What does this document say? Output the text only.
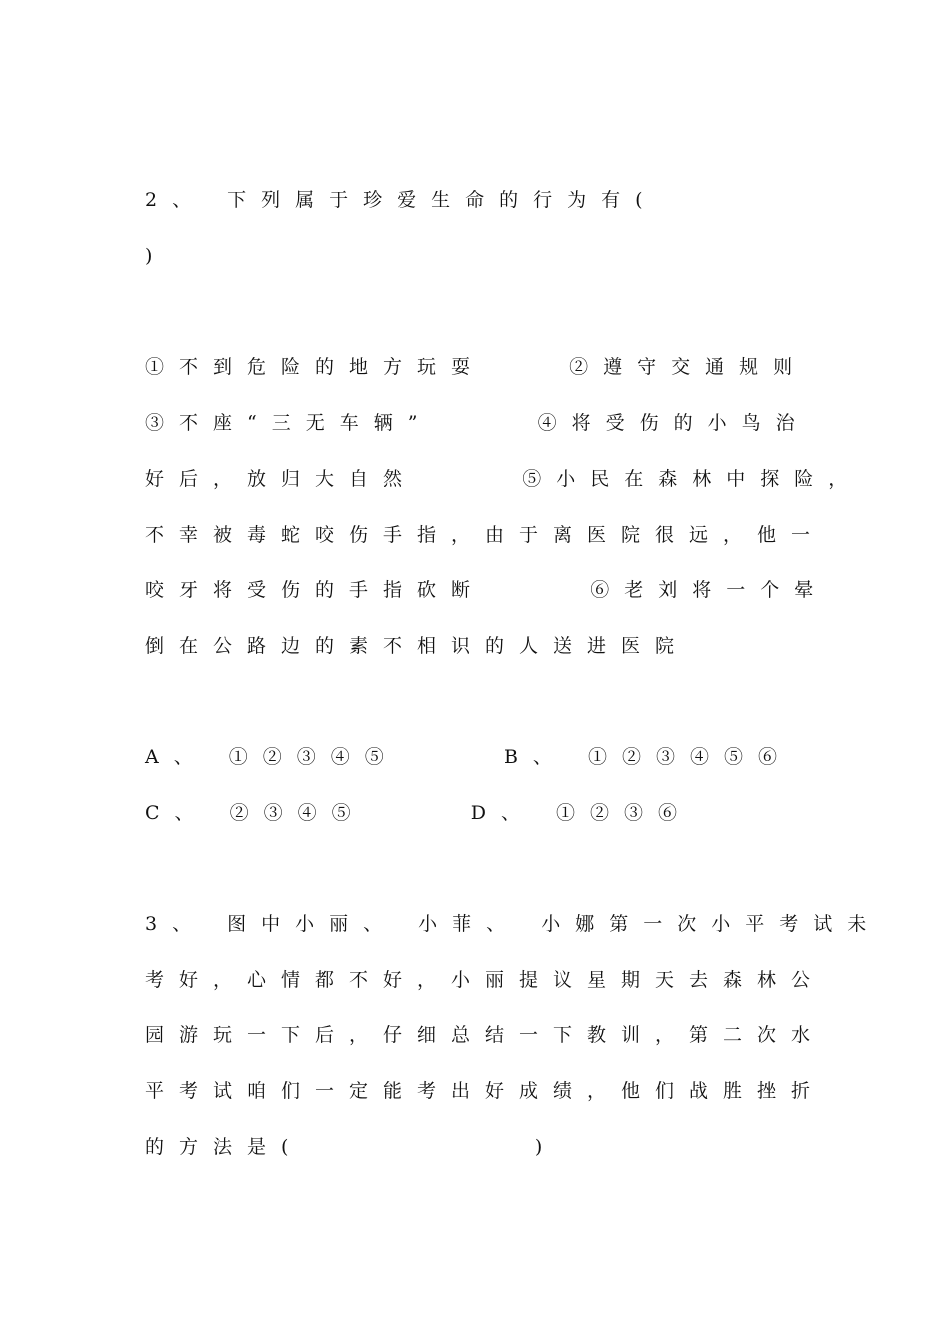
2、 下列属于珍爱生命的行为有(
)
①不到危险的地方玩耍    ②遵守交通规则
③不座“三无车辆”     ④将受伤的小鸟治
好后，放归大自然     ⑤小民在森林中探险，
不幸被毒蛇咬伤手指，由于离医院很远，他一
咬牙将受伤的手指砍断     ⑥老刘将一个晕
倒在公路边的素不相识的人送进医院
A、 ①②③④⑤     B、 ①②③④⑤⑥
C、 ②③④⑤     D、 ①②③⑥
3、 图中小丽、 小菲、 小娜第一次小平考试未
考好，心情都不好，小丽提议星期天去森林公
园游玩一下后，仔细总结一下教训，第二次水
平考试咱们一定能考出好成绩，他们战胜挫折
的方法是(           )
